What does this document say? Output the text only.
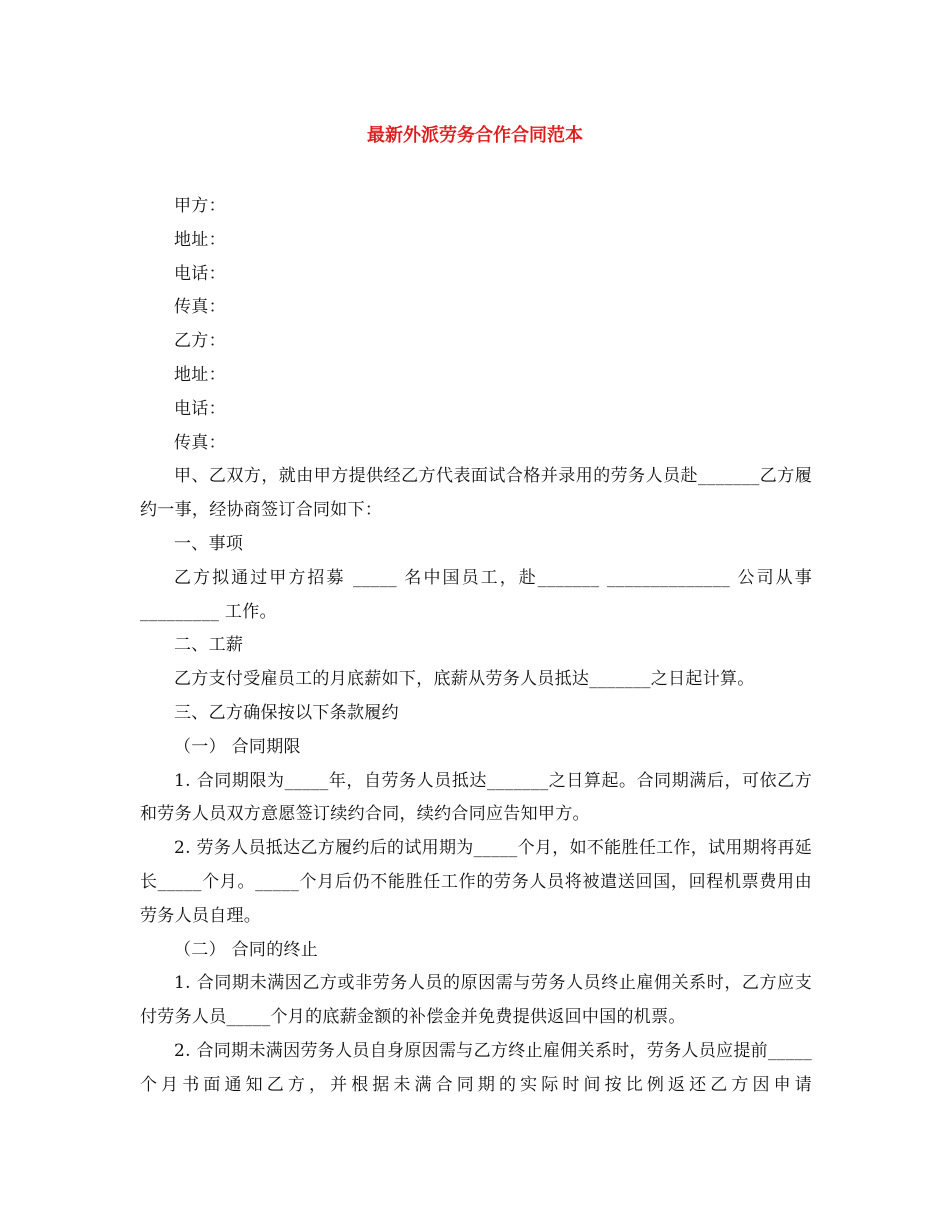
最新外派劳务合作合同范本

甲方：

地址：

电话：

传真：

乙方：

地址：

电话：

传真：

甲、乙双方，就由甲方提供经乙方代表面试合格并录用的劳务人员赴_______乙方履约一事，经协商签订合同如下：

一、事项

乙方拟通过甲方招募 _____ 名中国员工，赴_______ ______________ 公司从事 _________ 工作。

二、工薪

乙方支付受雇员工的月底薪如下，底薪从劳务人员抵达_______之日起计算。

三、乙方确保按以下条款履约

（一） 合同期限

1. 合同期限为_____年，自劳务人员抵达_______之日算起。合同期满后，可依乙方和劳务人员双方意愿签订续约合同，续约合同应告知甲方。

2. 劳务人员抵达乙方履约后的试用期为_____个月，如不能胜任工作，试用期将再延长_____个月。_____个月后仍不能胜任工作的劳务人员将被遣送回国，回程机票费用由劳务人员自理。

（二） 合同的终止

1. 合同期未满因乙方或非劳务人员的原因需与劳务人员终止雇佣关系时，乙方应支付劳务人员_____个月的底薪金额的补偿金并免费提供返回中国的机票。

2. 合同期未满因劳务人员自身原因需与乙方终止雇佣关系时，劳务人员应提前_____个月书面通知乙方，并根据未满合同期的实际时间按比例返还乙方因申请
